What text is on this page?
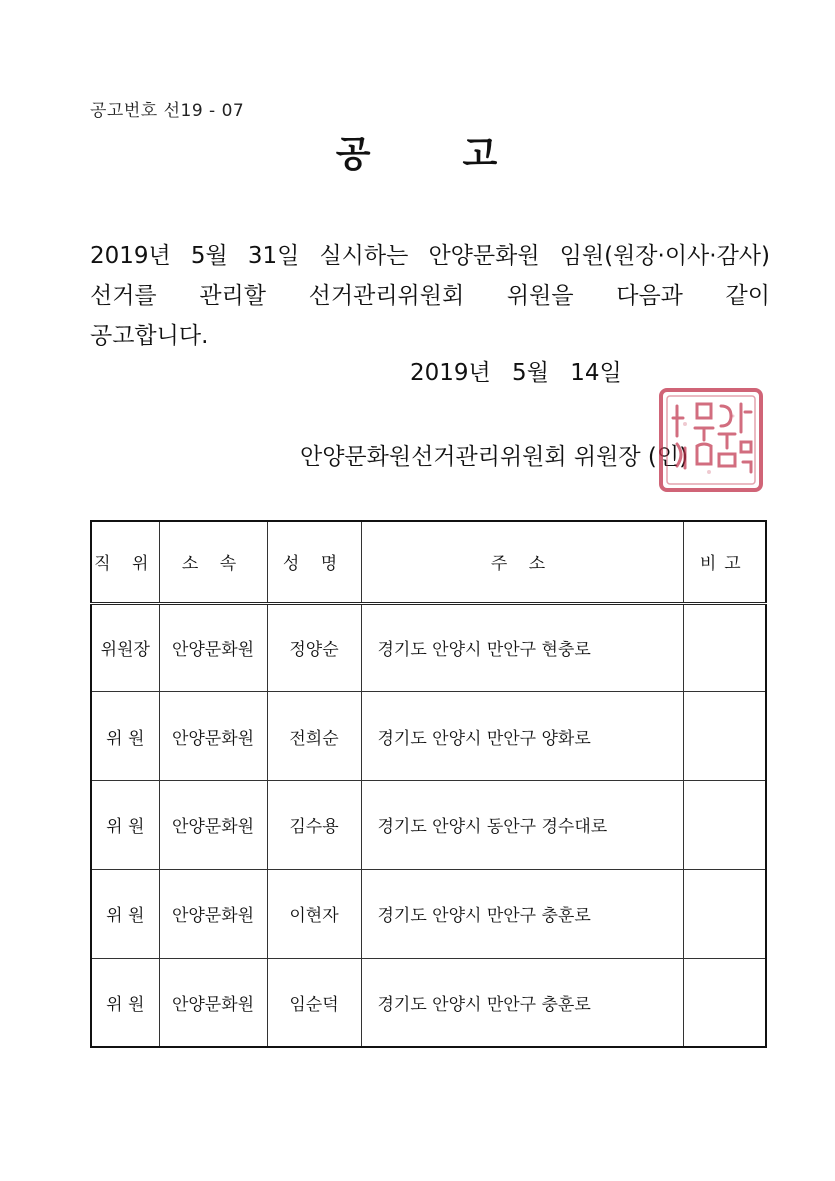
공고번호 선19 - 07
공	고
2019년 5월 31일 실시하는 안양문화원 임원(원장·이사·감사)
선거를 관리할 선거관리위원회 위원을 다음과 같이
공고합니다.
2019년 5월 14일
안양문화원선거관리위원회 위원장 (인)
직 위	소 속	성 명	주 소	비고
위원장	안양문화원	정양순	경기도 안양시 만안구 현충로	
위 원	안양문화원	전희순	경기도 안양시 만안구 양화로	
위 원	안양문화원	김수용	경기도 안양시 동안구 경수대로	
위 원	안양문화원	이현자	경기도 안양시 만안구 충훈로	
위 원	안양문화원	임순덕	경기도 안양시 만안구 충훈로	
